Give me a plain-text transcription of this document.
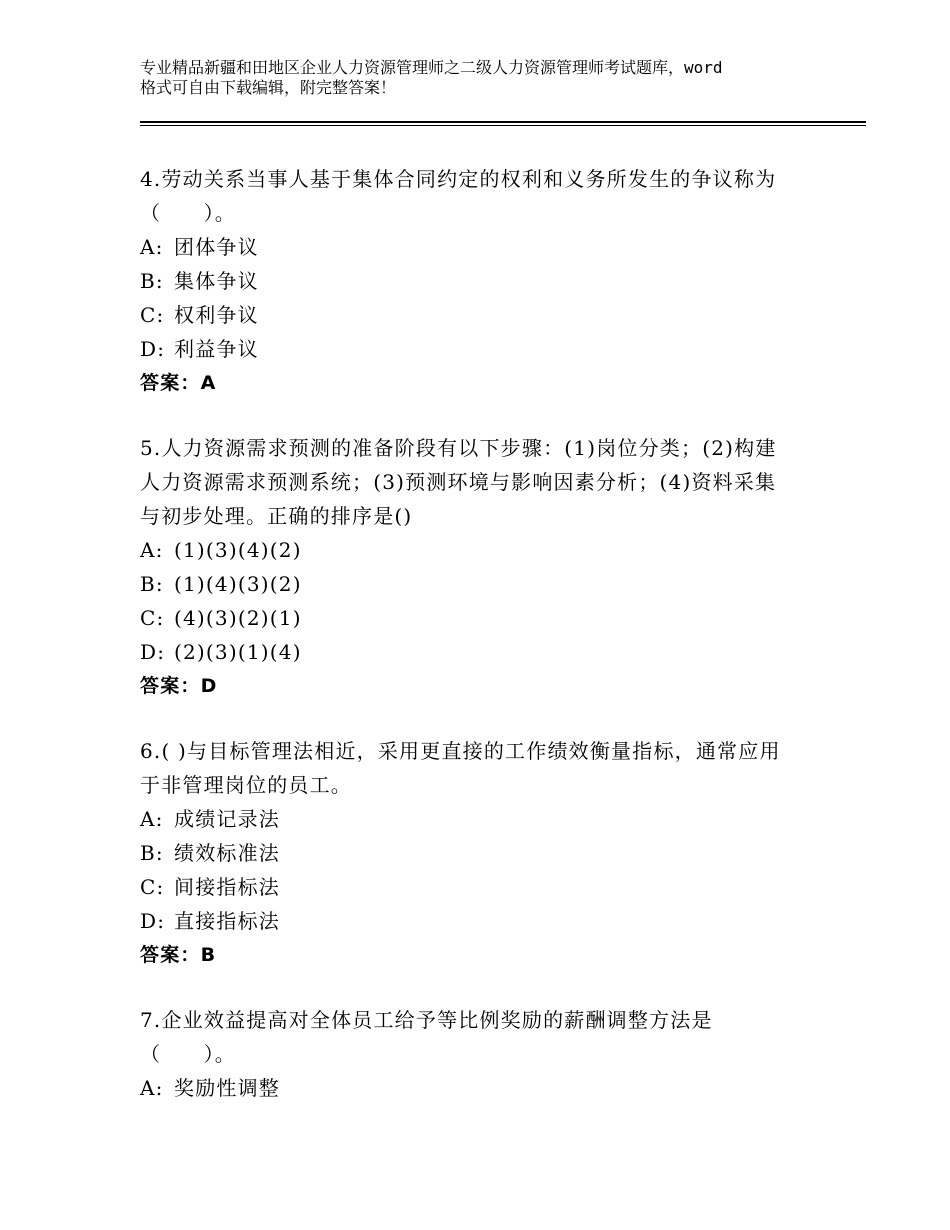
专业精品新疆和田地区企业人力资源管理师之二级人力资源管理师考试题库，word
格式可自由下载编辑，附完整答案！
4.劳动关系当事人基于集体合同约定的权利和义务所发生的争议称为
（　　）。
A: 团体争议
B: 集体争议
C: 权利争议
D: 利益争议
答案：A
5.人力资源需求预测的准备阶段有以下步骤：(1)岗位分类；(2)构建
人力资源需求预测系统；(3)预测环境与影响因素分析；(4)资料采集
与初步处理。正确的排序是()
A: (1)(3)(4)(2)
B: (1)(4)(3)(2)
C: (4)(3)(2)(1)
D: (2)(3)(1)(4)
答案：D
6.( )与目标管理法相近，采用更直接的工作绩效衡量指标，通常应用
于非管理岗位的员工。
A: 成绩记录法
B: 绩效标准法
C: 间接指标法
D: 直接指标法
答案：B
7.企业效益提高对全体员工给予等比例奖励的薪酬调整方法是
（　　）。
A: 奖励性调整
